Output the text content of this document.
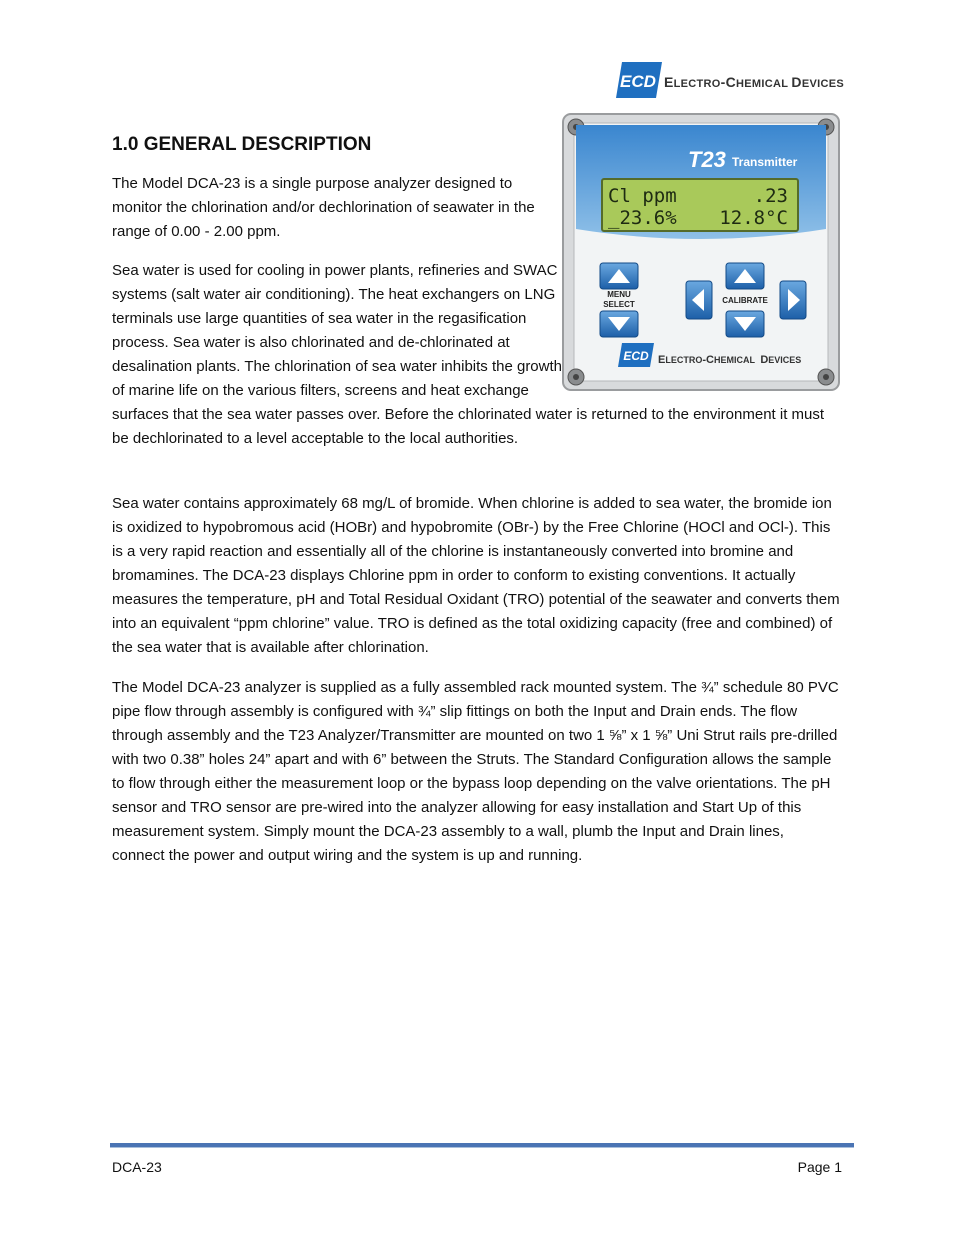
ECD ELECTRO-CHEMICAL DEVICES
1.0 GENERAL DESCRIPTION

The Model DCA-23 is a single purpose analyzer designed to monitor the chlorination and/or dechlorination of seawater in the range of 0.00 - 2.00 ppm.

Sea water is used for cooling in power plants, refineries and SWAC systems (salt water air conditioning). The heat exchangers on LNG terminals use large quantities of sea water in the regasification process. Sea water is also chlorinated and de-chlorinated at desalination plants. The chlorination of sea water inhibits the growth of marine life on the various filters, screens and heat exchange surfaces that the sea water passes over. Before the chlorinated water is returned to the environment it must be dechlorinated to a level acceptable to the local authorities.

Sea water contains approximately 68 mg/L of bromide. When chlorine is added to sea water, the bromide ion is oxidized to hypobromous acid (HOBr) and hypobromite (OBr-) by the Free Chlorine (HOCl and OCl-). This is a very rapid reaction and essentially all of the chlorine is instantaneously converted into bromine and bromamines. The DCA-23 displays Chlorine ppm in order to conform to existing conventions. It actually measures the temperature, pH and Total Residual Oxidant (TRO) potential of the seawater and converts them into an equivalent “ppm chlorine” value. TRO is defined as the total oxidizing capacity (free and combined) of the sea water that is available after chlorination.

The Model DCA-23 analyzer is supplied as a fully assembled rack mounted system. The ¾” schedule 80 PVC pipe flow through assembly is configured with ¾” slip fittings on both the Input and Drain ends. The flow through assembly and the T23 Analyzer/Transmitter are mounted on two 1 ⅝” x 1 ⅝” Uni Strut rails pre-drilled with two 0.38” holes 24” apart and with 6” between the Struts. The Standard Configuration allows the sample to flow through either the measurement loop or the bypass loop depending on the valve orientations. The pH sensor and TRO sensor are pre-wired into the analyzer allowing for easy installation and Start Up of this measurement system. Simply mount the DCA-23 assembly to a wall, plumb the Input and Drain lines, connect the power and output wiring and the system is up and running.

T23 Transmitter
Cl ppm	.23
_23.6% 12.8°C
MENU
SELECT	CALIBRATE
ECD ELECTRO-CHEMICAL DEVICES
DCA-23	Page 1
